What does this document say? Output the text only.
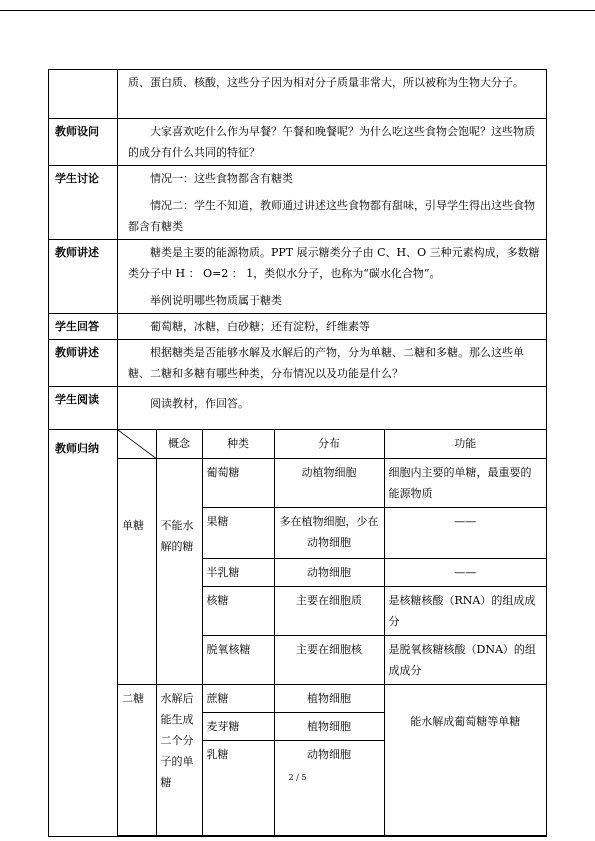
	质、蛋白质、核酸，这些分子因为相对分子质量非常大，所以被称为生物大分子。
教师设问	大家喜欢吃什么作为早餐？午餐和晚餐呢？为什么吃这些食物会饱呢？这些物质的成分有什么共同的特征？

学生讨论	情况一：这些食物都含有糖类

情况二：学生不知道，教师通过讲述这些食物都有甜味，引导学生得出这些食物都含有糖类

教师讲述	糖类是主要的能源物质。PPT 展示糖类分子由 C、H、O 三种元素构成，多数糖类分子中 H ： O=2 ： 1，类似水分子，也称为“碳水化合物”。

举例说明哪些物质属于糖类

学生回答	葡萄糖，冰糖，白砂糖；还有淀粉，纤维素等

教师讲述	根据糖类是否能够水解及水解后的产物，分为单糖、二糖和多糖。那么这些单糖、二糖和多糖有哪些种类，分布情况以及功能是什么？

学生阅读	阅读教材，作回答。

教师归纳	
		概念	种类	分布	功能
单糖	不能水解的糖	葡萄糖	动植物细胞	细胞内主要的单糖，最重要的能源物质
果糖	多在植物细胞，少在动物细胞	——
半乳糖	动物细胞	——
核糖	主要在细胞质	是核糖核酸（RNA）的组成成分
脱氧核糖	主要在细胞核	是脱氧核糖核酸（DNA）的组成成分
二糖	水解后能生成二个分子的单糖	蔗糖	植物细胞	能水解成葡萄糖等单糖
麦芽糖	植物细胞
乳糖	动物细胞
2 / 5
